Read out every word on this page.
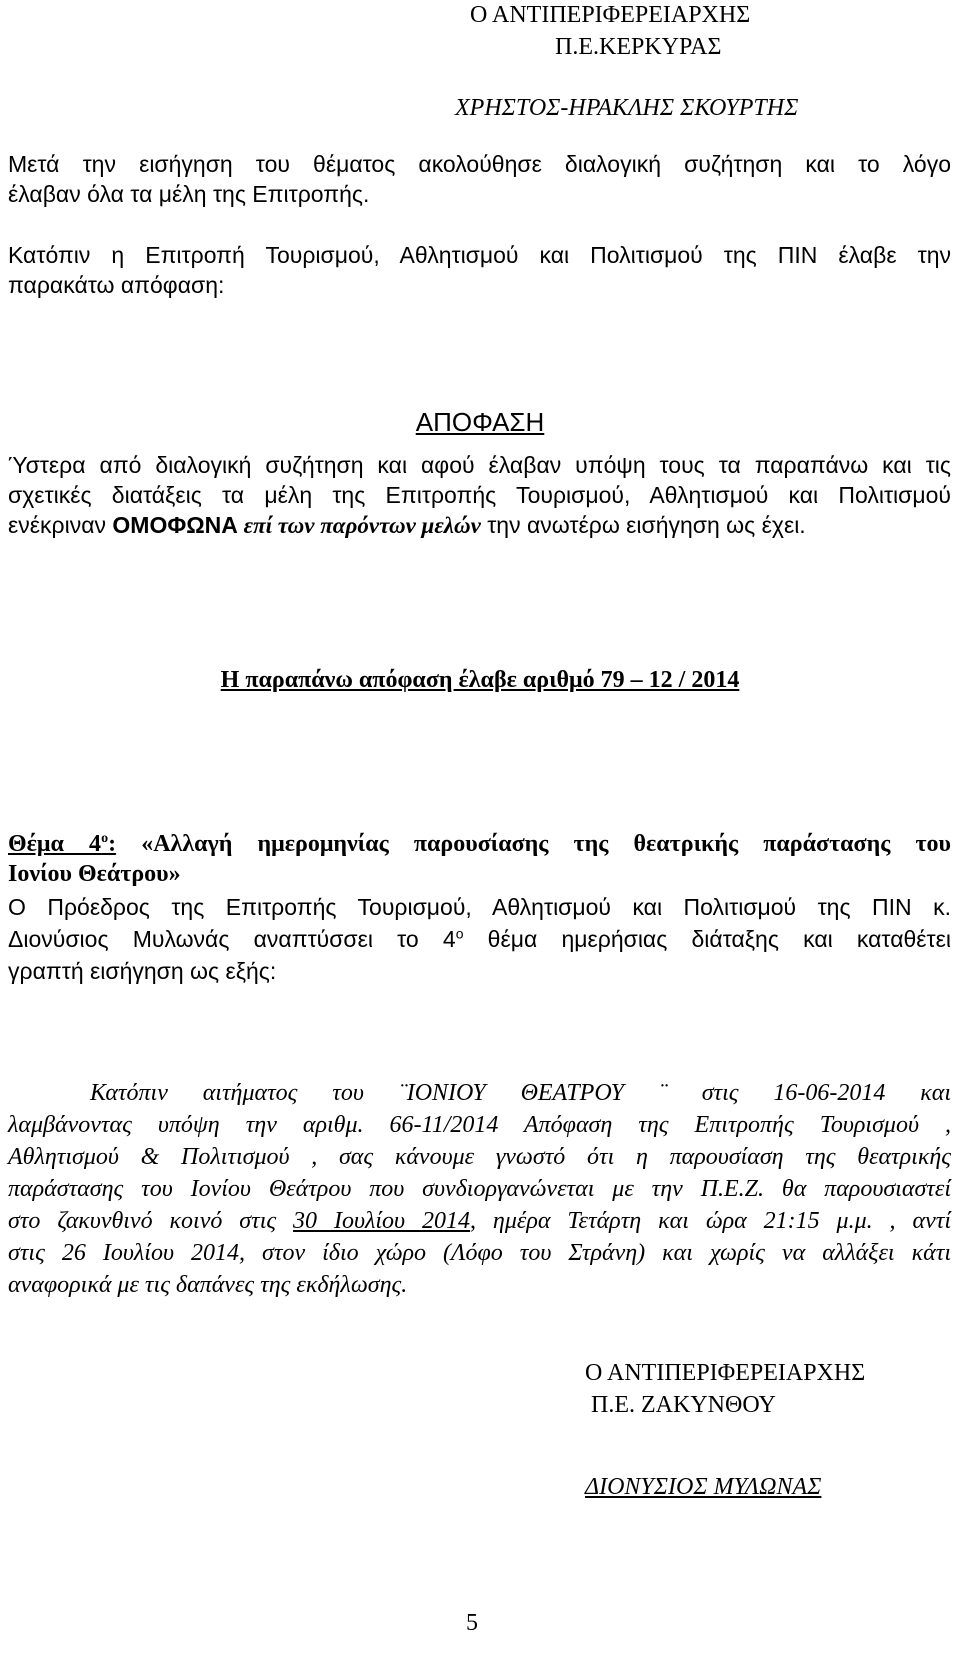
Ο ΑΝΤΙΠΕΡΙΦΕΡΕΙΑΡΧΗΣ

Π.Ε.ΚΕΡΚΥΡΑΣ

ΧΡΗΣΤΟΣ-ΗΡΑΚΛΗΣ ΣΚΟΥΡΤΗΣ

Μετά την εισήγηση του θέματος ακολούθησε διαλογική συζήτηση και το λόγο
έλαβαν όλα τα μέλη της Επιτροπής.
Κατόπιν η Επιτροπή Τουρισμού, Αθλητισμού και Πολιτισμού της ΠΙΝ έλαβε την
παρακάτω απόφαση:
ΑΠΟΦΑΣΗ
Ύστερα από διαλογική συζήτηση και αφού έλαβαν υπόψη τους τα παραπάνω και τις
σχετικές διατάξεις τα μέλη της Επιτροπής Τουρισμού, Αθλητισμού και Πολιτισμού
ενέκριναν ΟΜΟΦΩΝΑ επί των παρόντων μελών την ανωτέρω εισήγηση ως έχει.
Η παραπάνω απόφαση έλαβε αριθμό 79 – 12 / 2014
Θέμα $4^o$: «Αλλαγή ημερομηνίας παρουσίασης της θεατρικής παράστασης του
Ιονίου Θεάτρου»
Ο Πρόεδρος της Επιτροπής Τουρισμού, Αθλητισμού και Πολιτισμού της ΠΙΝ κ.
Διονύσιος Μυλωνάς αναπτύσσει το $4^o$ θέμα ημερήσιας διάταξης και καταθέτει
γραπτή εισήγηση ως εξής:
Κατόπιν αιτήματος του ¨ΙΟΝΙΟΥ ΘΕΑΤΡΟΥ ¨ στις 16-06-2014 και
λαμβάνοντας υπόψη την αριθμ. 66-11/2014 Απόφαση της Επιτροπής Τουρισμού ,
Αθλητισμού & Πολιτισμού , σας κάνουμε γνωστό ότι η παρουσίαση της θεατρικής
παράστασης του Ιονίου Θεάτρου που συνδιοργανώνεται με την Π.Ε.Ζ. θα παρουσιαστεί
στο ζακυνθινό κοινό στις 30 Ιουλίου 2014, ημέρα Τετάρτη και ώρα 21:15 μ.μ. , αντί
στις 26 Ιουλίου 2014, στον ίδιο χώρο (Λόφο του Στράνη) και χωρίς να αλλάξει κάτι
αναφορικά με τις δαπάνες της εκδήλωσης.

Ο ΑΝΤΙΠΕΡΙΦΕΡΕΙΑΡΧΗΣ

Π.Ε. ΖΑΚΥΝΘΟΥ

ΔΙΟΝΥΣΙΟΣ ΜΥΛΩΝΑΣ

5
